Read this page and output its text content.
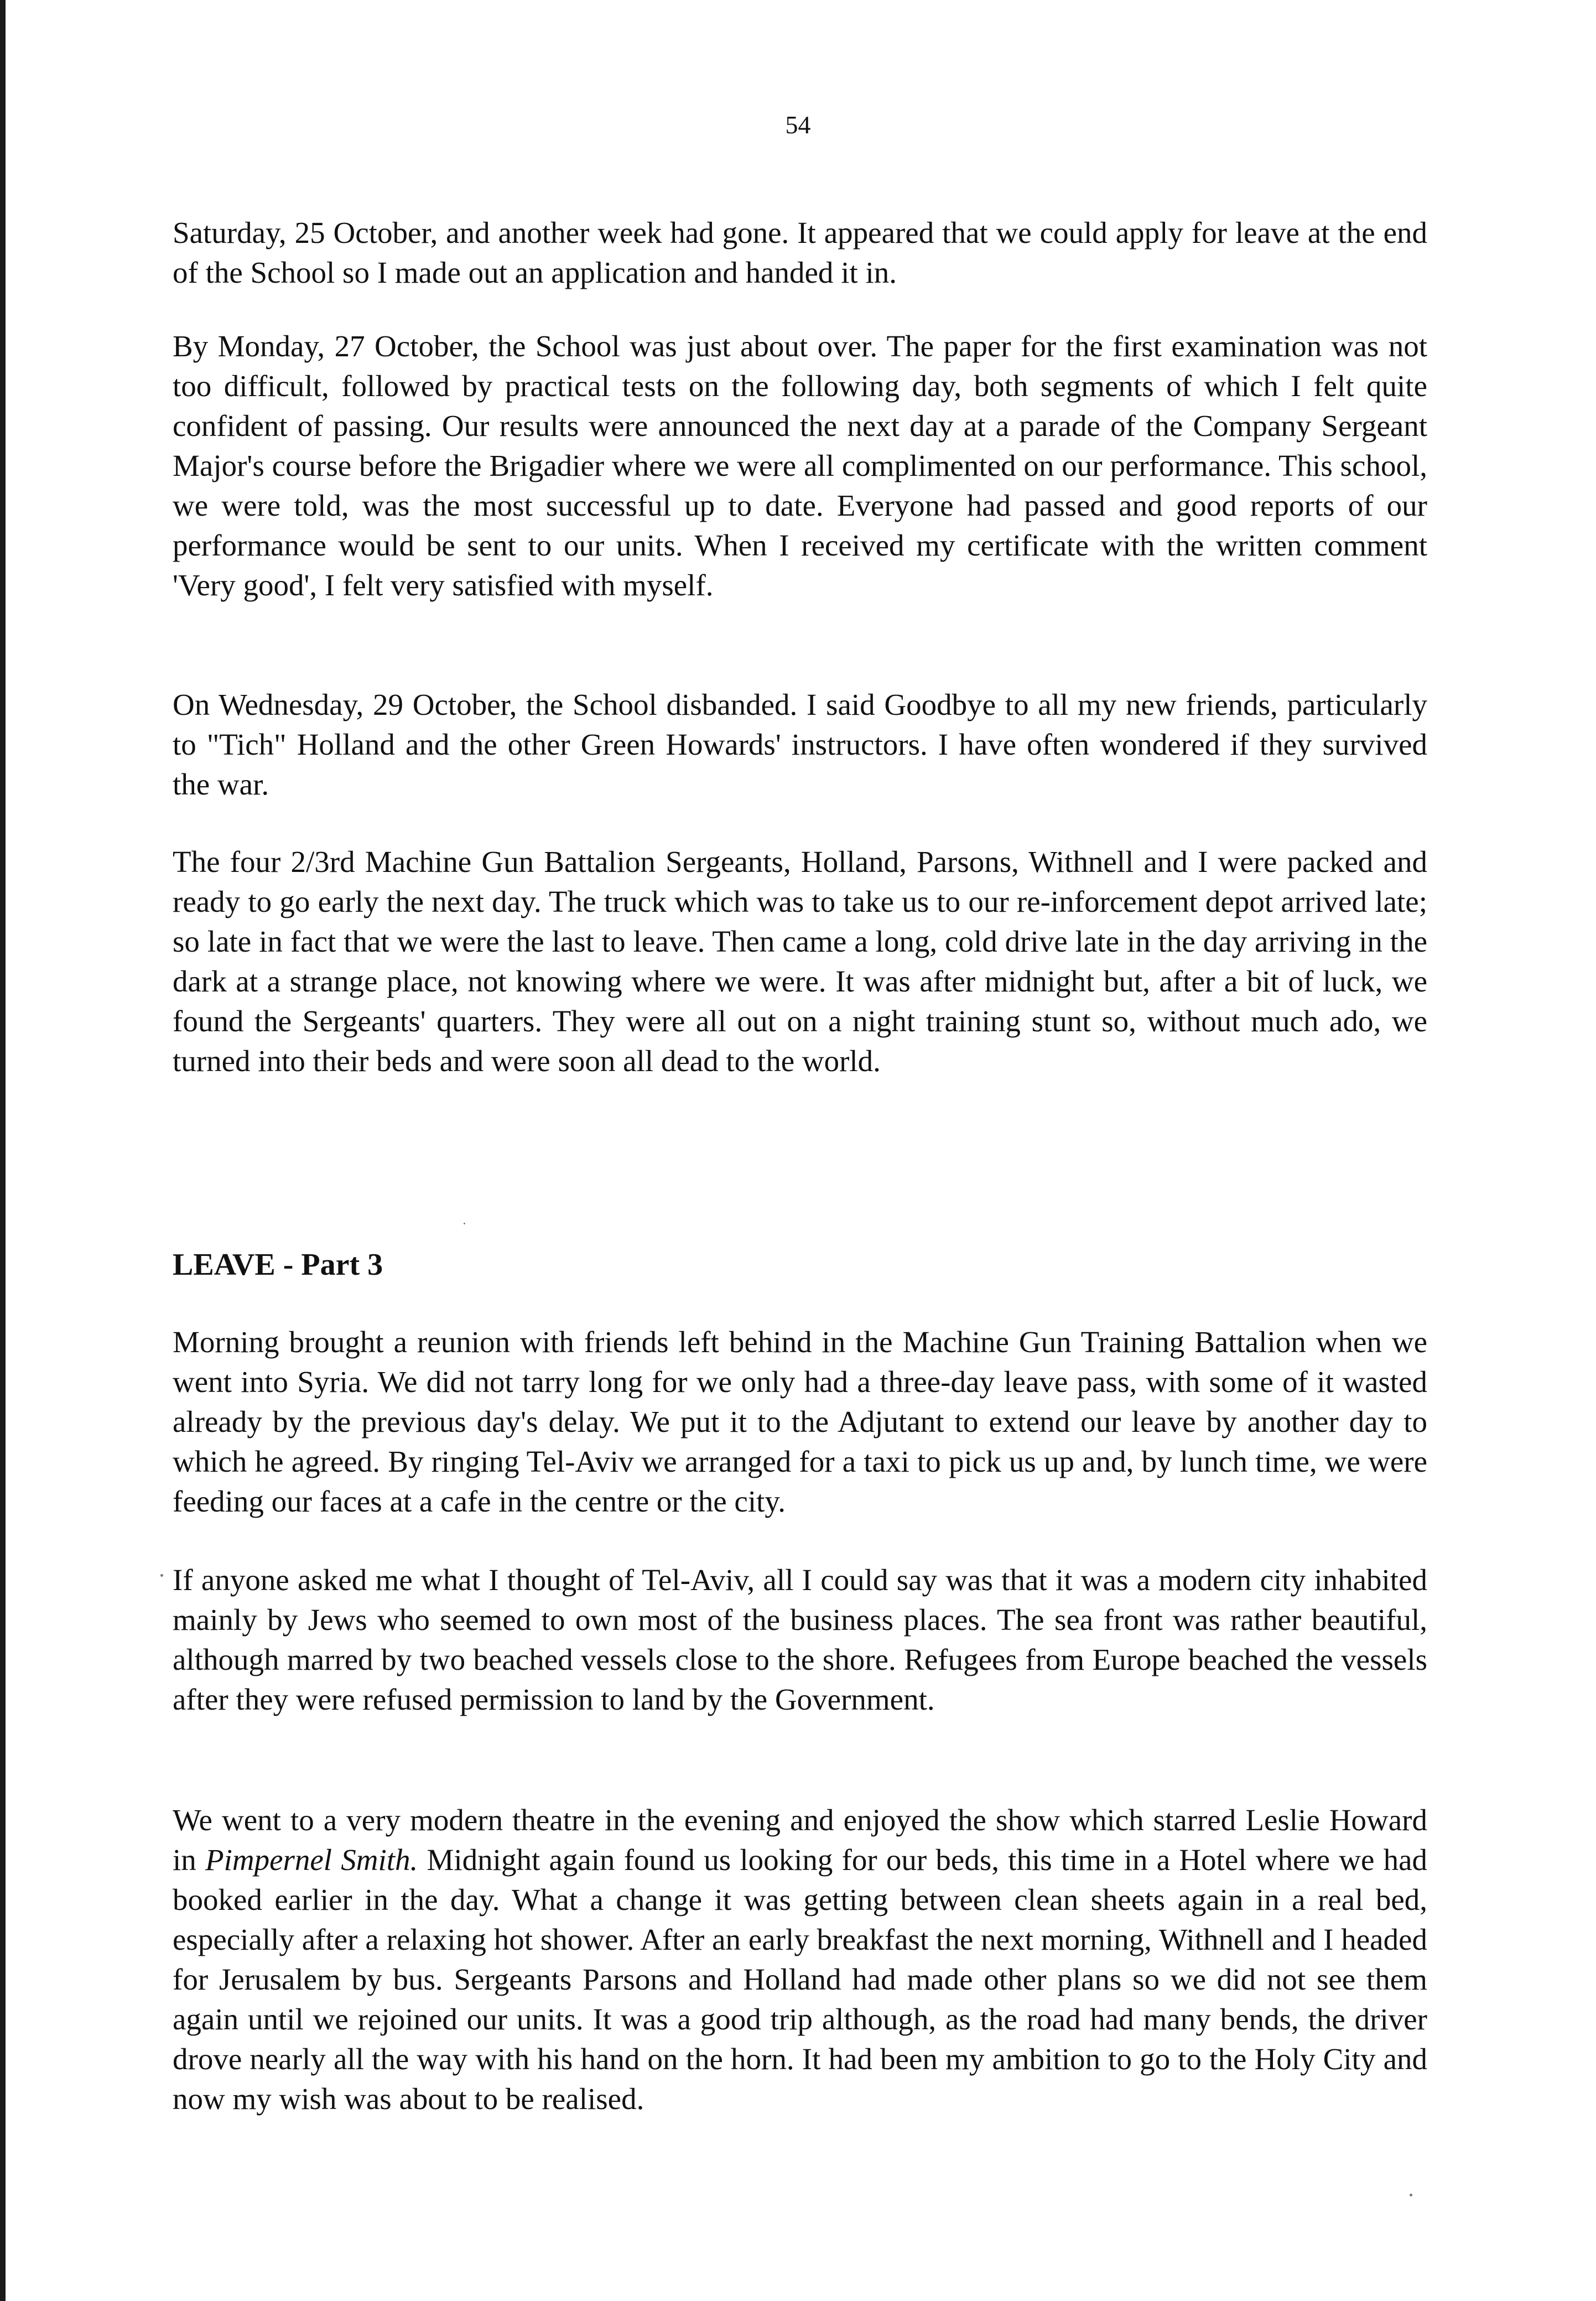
54

Saturday, 25 October, and another week had gone. It appeared that we could apply for leave at the end of the School so I made out an application and handed it in.

By Monday, 27 October, the School was just about over. The paper for the first examination was not too difficult, followed by practical tests on the following day, both segments of which I felt quite confident of passing. Our results were announced the next day at a parade of the Company Sergeant Major's course before the Brigadier where we were all complimented on our performance. This school, we were told, was the most successful up to date. Everyone had passed and good reports of our performance would be sent to our units. When I received my certificate with the written comment 'Very good', I felt very satisfied with myself.

On Wednesday, 29 October, the School disbanded. I said Goodbye to all my new friends, particularly to "Tich" Holland and the other Green Howards' instructors. I have often wondered if they survived the war.

The four 2/3rd Machine Gun Battalion Sergeants, Holland, Parsons, Withnell and I were packed and ready to go early the next day. The truck which was to take us to our re-inforcement depot arrived late; so late in fact that we were the last to leave. Then came a long, cold drive late in the day arriving in the dark at a strange place, not knowing where we were. It was after midnight but, after a bit of luck, we found the Sergeants' quarters. They were all out on a night training stunt so, without much ado, we turned into their beds and were soon all dead to the world.

LEAVE - Part 3

Morning brought a reunion with friends left behind in the Machine Gun Training Battalion when we went into Syria. We did not tarry long for we only had a three-day leave pass, with some of it wasted already by the previous day's delay. We put it to the Adjutant to extend our leave by another day to which he agreed. By ringing Tel-Aviv we arranged for a taxi to pick us up and, by lunch time, we were feeding our faces at a cafe in the centre or the city.

If anyone asked me what I thought of Tel-Aviv, all I could say was that it was a modern city inhabited mainly by Jews who seemed to own most of the business places. The sea front was rather beautiful, although marred by two beached vessels close to the shore. Refugees from Europe beached the vessels after they were refused permission to land by the Government.

We went to a very modern theatre in the evening and enjoyed the show which starred Leslie Howard in Pimpernel Smith. Midnight again found us looking for our beds, this time in a Hotel where we had booked earlier in the day. What a change it was getting between clean sheets again in a real bed, especially after a relaxing hot shower. After an early breakfast the next morning, Withnell and I headed for Jerusalem by bus. Sergeants Parsons and Holland had made other plans so we did not see them again until we rejoined our units. It was a good trip although, as the road had many bends, the driver drove nearly all the way with his hand on the horn. It had been my ambition to go to the Holy City and now my wish was about to be realised.
